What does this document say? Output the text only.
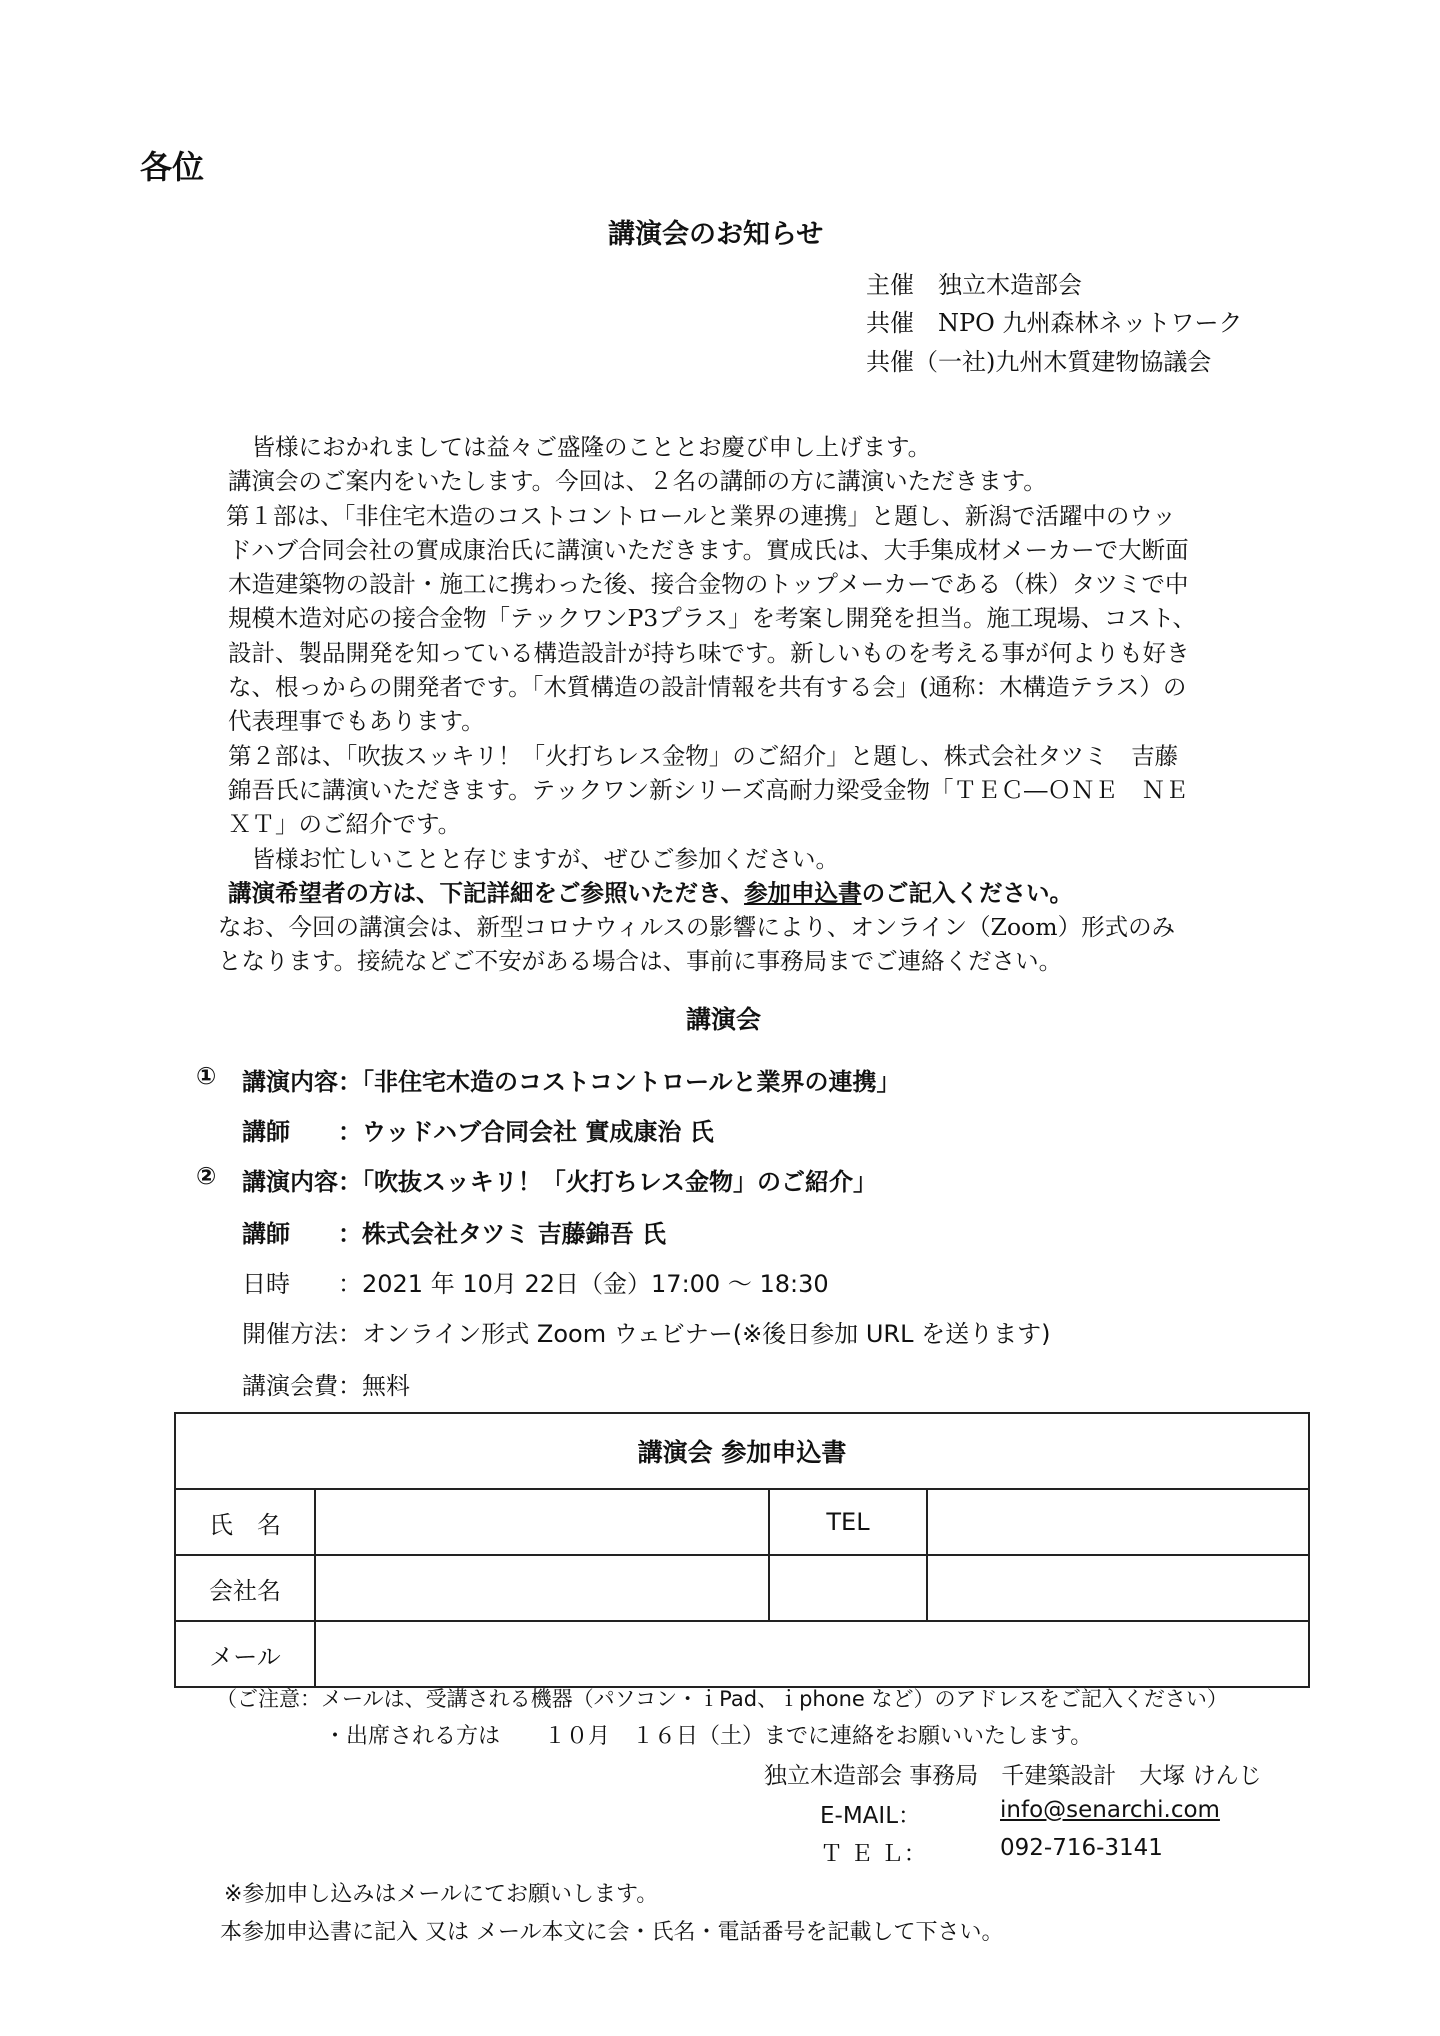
各位
講演会のお知らせ
主催　独立木造部会
共催　NPO 九州森林ネットワーク
共催（一社)九州木質建物協議会

　皆様におかれましては益々ご盛隆のこととお慶び申し上げます。

講演会のご案内をいたします。今回は、２名の講師の方に講演いただきます。

第１部は、「非住宅木造のコストコントロールと業界の連携」と題し、新潟で活躍中のウッ

ドハブ合同会社の實成康治氏に講演いただきます。實成氏は、大手集成材メーカーで大断面

木造建築物の設計・施工に携わった後、接合金物のトップメーカーである（株）タツミで中

規模木造対応の接合金物「テックワンP3プラス」を考案し開発を担当。施工現場、コスト、

設計、製品開発を知っている構造設計が持ち味です。新しいものを考える事が何よりも好き

な、根っからの開発者です。「木質構造の設計情報を共有する会」(通称：木構造テラス）の

代表理事でもあります。

第２部は、「吹抜スッキリ！「火打ちレス金物」のご紹介」と題し、株式会社タツミ　吉藤

錦吾氏に講演いただきます。テックワン新シリーズ高耐力梁受金物「ＴＥＣ―ＯＮＥ　ＮＥ

ＸＴ」のご紹介です。

　皆様お忙しいことと存じますが、ぜひご参加ください。

講演希望者の方は、下記詳細をご参照いただき、参加申込書のご記入ください。

なお、今回の講演会は、新型コロナウィルスの影響により、オンライン（Zoom）形式のみ

となります。接続などご不安がある場合は、事前に事務局までご連絡ください。

講演会
① 講演内容：「非住宅木造のコストコントロールと業界の連携」
講師　　：ウッドハブ合同会社 實成康治 氏
② 講演内容：「吹抜スッキリ！「火打ちレス金物」のご紹介」
講師　　：株式会社タツミ 吉藤錦吾 氏
日時　　：2021 年 10月 22日（金）17:00 ～ 18:30
開催方法：オンライン形式 Zoom ウェビナー(※後日参加 URL を送ります)
講演会費：無料
講演会 参加申込書			
氏　名		TEL	
会社名			
メール			
（ご注意：メールは、受講される機器（パソコン・ｉPad、ｉphone など）のアドレスをご記入ください）
・出席される方は　　１０月　１６日（土）までに連絡をお願いいたします。
独立木造部会 事務局　千建築設計　大塚 けんじ
E‐MAIL：	info@senarchi.com
Ｔ Ｅ Ｌ：	092‐716‐3141
※参加申し込みはメールにてお願いします。
本参加申込書に記入 又は メール本文に会・氏名・電話番号を記載して下さい。
